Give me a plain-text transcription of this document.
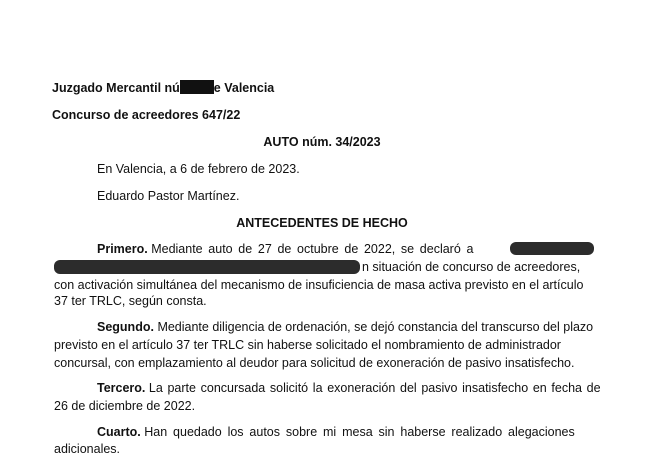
Juzgado Mercantil nú	e Valencia
Concurso de acreedores 647/22
AUTO núm. 34/2023
En Valencia, a 6 de febrero de 2023.
Eduardo Pastor Martínez.
ANTECEDENTES DE HECHO
Primero. Mediante auto de 27 de octubre de 2022, se declaró a
n situación de concurso de acreedores,
con activación simultánea del mecanismo de insuficiencia de masa activa previsto en el artículo
37 ter TRLC, según consta.
Segundo. Mediante diligencia de ordenación, se dejó constancia del transcurso del plazo
previsto en el artículo 37 ter TRLC sin haberse solicitado el nombramiento de administrador
concursal, con emplazamiento al deudor para solicitud de exoneración de pasivo insatisfecho.
Tercero. La parte concursada solicitó la exoneración del pasivo insatisfecho en fecha de
26 de diciembre de 2022.
Cuarto. Han quedado los autos sobre mi mesa sin haberse realizado alegaciones
adicionales.
